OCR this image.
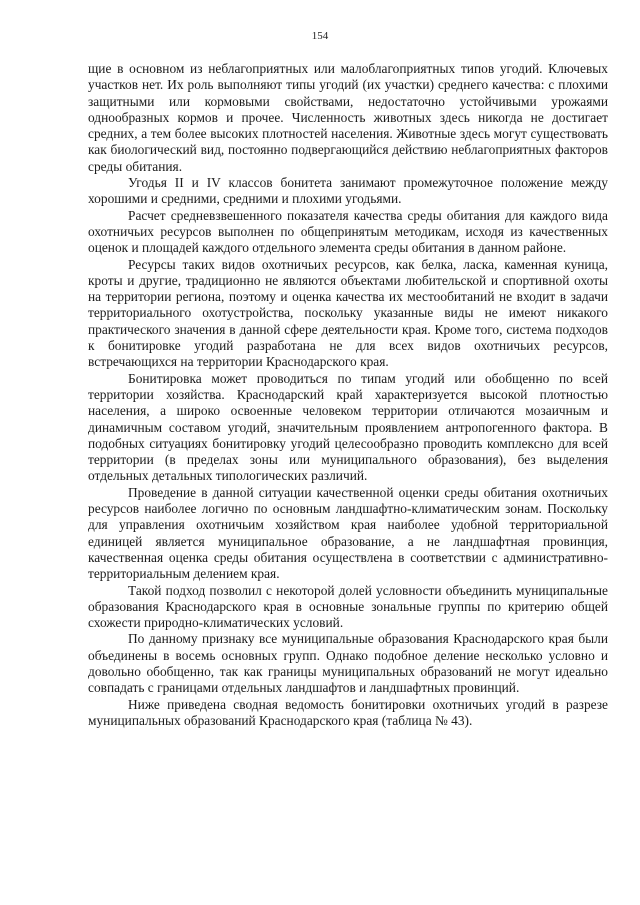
154

щие в основном из неблагоприятных или малоблагоприятных типов угодий. Ключевых участков нет. Их роль выполняют типы угодий (их участки) среднего качества: с плохими защитными или кормовыми свойствами, недостаточно устойчивыми урожаями однообразных кормов и прочее. Численность животных здесь никогда не достигает средних, а тем более высоких плотностей населения. Животные здесь могут существовать как биологический вид, постоянно подвергающийся действию неблагоприятных факторов среды обитания.

Угодья II и IV классов бонитета занимают промежуточное положение между хорошими и средними, средними и плохими угодьями.

Расчет средневзвешенного показателя качества среды обитания для каждого вида охотничьих ресурсов выполнен по общепринятым методикам, исходя из качественных оценок и площадей каждого отдельного элемента среды обитания в данном районе.

Ресурсы таких видов охотничьих ресурсов, как белка, ласка, каменная куница, кроты и другие, традиционно не являются объектами любительской и спортивной охоты на территории региона, поэтому и оценка качества их местообитаний не входит в задачи территориального охотустройства, поскольку указанные виды не имеют никакого практического значения в данной сфере деятельности края. Кроме того, система подходов к бонитировке угодий разработана не для всех видов охотничьих ресурсов, встречающихся на территории Краснодарского края.

Бонитировка может проводиться по типам угодий или обобщенно по всей территории хозяйства. Краснодарский край характеризуется высокой плотностью населения, а широко освоенные человеком территории отличаются мозаичным и динамичным составом угодий, значительным проявлением антропогенного фактора. В подобных ситуациях бонитировку угодий целесообразно проводить комплексно для всей территории (в пределах зоны или муниципального образования), без выделения отдельных детальных типологических различий.

Проведение в данной ситуации качественной оценки среды обитания охотничьих ресурсов наиболее логично по основным ландшафтно-климатическим зонам. Поскольку для управления охотничьим хозяйством края наиболее удобной территориальной единицей является муниципальное образование, а не ландшафтная провинция, качественная оценка среды обитания осуществлена в соответствии с административно-территориальным делением края.

Такой подход позволил с некоторой долей условности объединить муниципальные образования Краснодарского края в основные зональные группы по критерию общей схожести природно-климатических условий.

По данному признаку все муниципальные образования Краснодарского края были объединены в восемь основных групп. Однако подобное деление несколько условно и довольно обобщенно, так как границы муниципальных образований не могут идеально совпадать с границами отдельных ландшафтов и ландшафтных провинций.

Ниже приведена сводная ведомость бонитировки охотничьих угодий в разрезе муниципальных образований Краснодарского края (таблица № 43).
